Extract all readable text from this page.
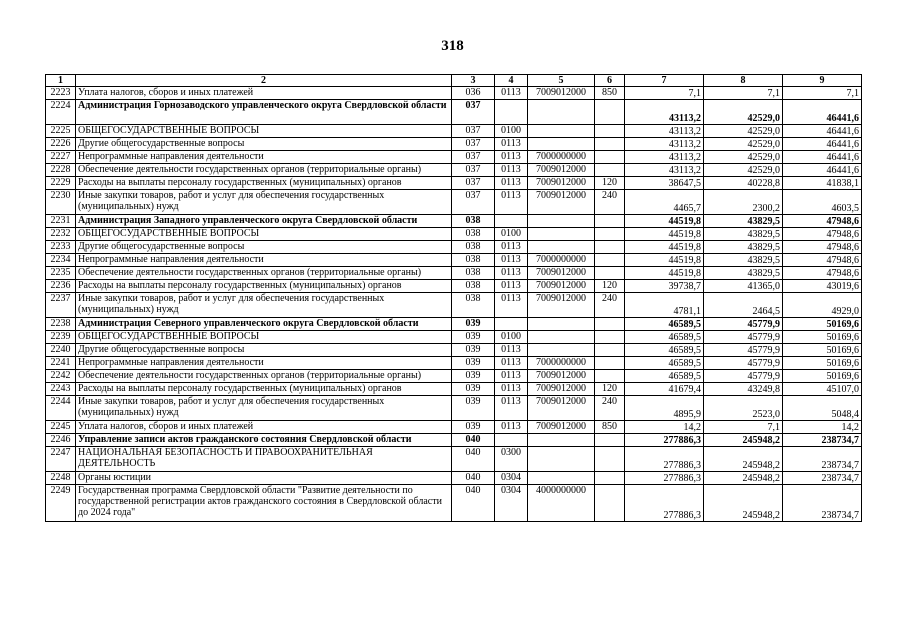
318
1	2	3	4	5	6	7	8	9
2223	Уплата налогов, сборов и иных платежей	036	0113	7009012000	850	7,1	7,1	7,1
2224	Администрация Горнозаводского управленческого округа Свердловской области	037				43113,2	42529,0	46441,6
2225	ОБЩЕГОСУДАРСТВЕННЫЕ ВОПРОСЫ	037	0100			43113,2	42529,0	46441,6
2226	Другие общегосударственные вопросы	037	0113			43113,2	42529,0	46441,6
2227	Непрограммные направления деятельности	037	0113	7000000000		43113,2	42529,0	46441,6
2228	Обеспечение деятельности государственных органов (территориальные органы)	037	0113	7009012000		43113,2	42529,0	46441,6
2229	Расходы на выплаты персоналу государственных (муниципальных) органов	037	0113	7009012000	120	38647,5	40228,8	41838,1
2230	Иные закупки товаров, работ и услуг для обеспечения государственных (муниципальных) нужд	037	0113	7009012000	240	4465,7	2300,2	4603,5
2231	Администрация Западного управленческого округа Свердловской области	038				44519,8	43829,5	47948,6
2232	ОБЩЕГОСУДАРСТВЕННЫЕ ВОПРОСЫ	038	0100			44519,8	43829,5	47948,6
2233	Другие общегосударственные вопросы	038	0113			44519,8	43829,5	47948,6
2234	Непрограммные направления деятельности	038	0113	7000000000		44519,8	43829,5	47948,6
2235	Обеспечение деятельности государственных органов (территориальные органы)	038	0113	7009012000		44519,8	43829,5	47948,6
2236	Расходы на выплаты персоналу государственных (муниципальных) органов	038	0113	7009012000	120	39738,7	41365,0	43019,6
2237	Иные закупки товаров, работ и услуг для обеспечения государственных (муниципальных) нужд	038	0113	7009012000	240	4781,1	2464,5	4929,0
2238	Администрация Северного управленческого округа Свердловской области	039				46589,5	45779,9	50169,6
2239	ОБЩЕГОСУДАРСТВЕННЫЕ ВОПРОСЫ	039	0100			46589,5	45779,9	50169,6
2240	Другие общегосударственные вопросы	039	0113			46589,5	45779,9	50169,6
2241	Непрограммные направления деятельности	039	0113	7000000000		46589,5	45779,9	50169,6
2242	Обеспечение деятельности государственных органов (территориальные органы)	039	0113	7009012000		46589,5	45779,9	50169,6
2243	Расходы на выплаты персоналу государственных (муниципальных) органов	039	0113	7009012000	120	41679,4	43249,8	45107,0
2244	Иные закупки товаров, работ и услуг для обеспечения государственных (муниципальных) нужд	039	0113	7009012000	240	4895,9	2523,0	5048,4
2245	Уплата налогов, сборов и иных платежей	039	0113	7009012000	850	14,2	7,1	14,2
2246	Управление записи актов гражданского состояния Свердловской области	040				277886,3	245948,2	238734,7
2247	НАЦИОНАЛЬНАЯ БЕЗОПАСНОСТЬ И ПРАВООХРАНИТЕЛЬНАЯ ДЕЯТЕЛЬНОСТЬ	040	0300			277886,3	245948,2	238734,7
2248	Органы юстиции	040	0304			277886,3	245948,2	238734,7
2249	Государственная программа Свердловской области "Развитие деятельности по государственной регистрации актов гражданского состояния в Свердловской области до 2024 года"	040	0304	4000000000		277886,3	245948,2	238734,7
